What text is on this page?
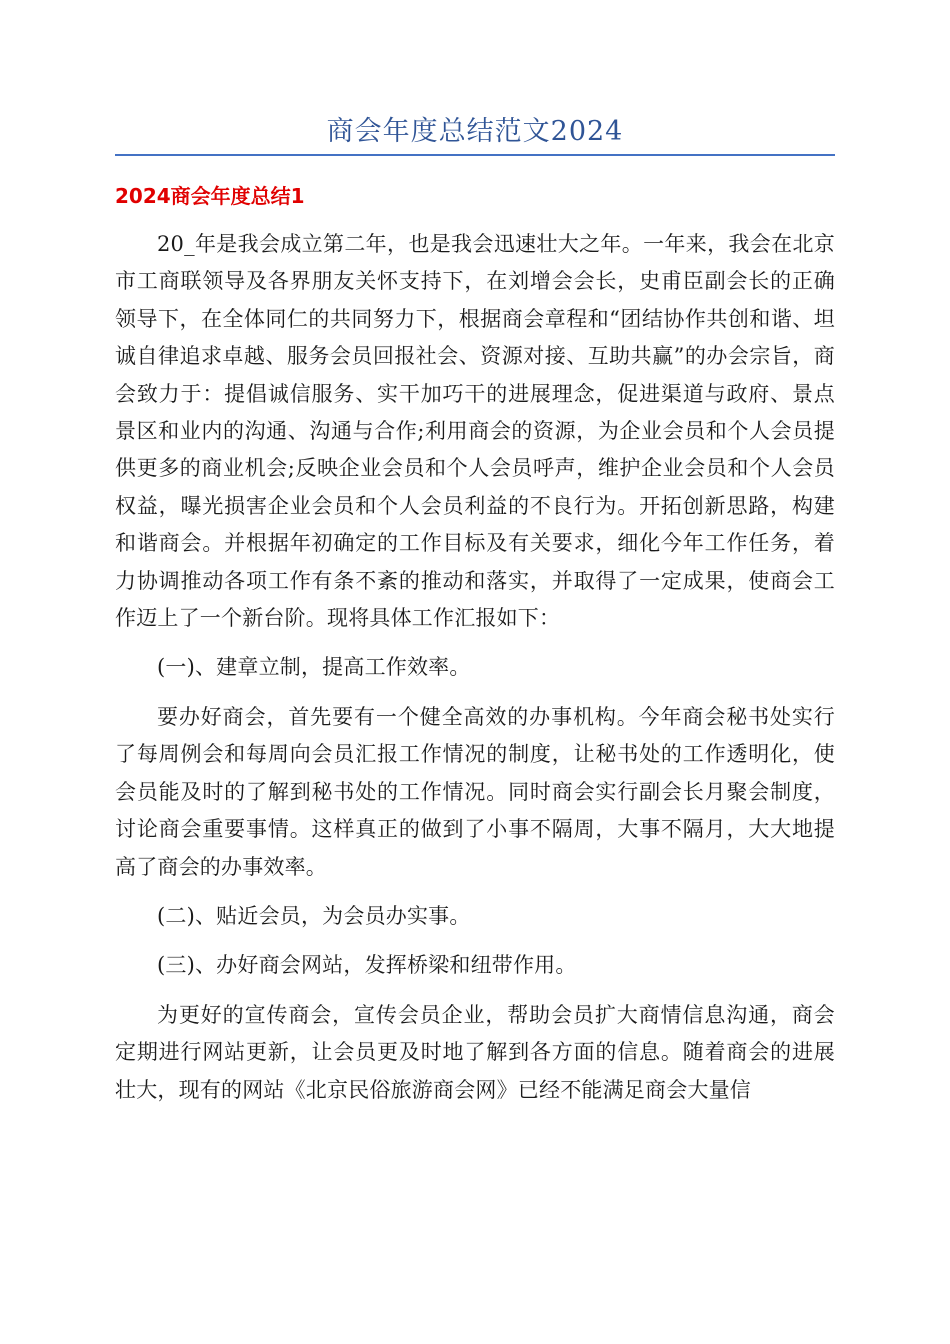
商会年度总结范文2024
2024商会年度总结1

20_年是我会成立第二年，也是我会迅速壮大之年。一年来，我会在北京市工商联领导及各界朋友关怀支持下，在刘增会会长，史甫臣副会长的正确领导下，在全体同仁的共同努力下，根据商会章程和“团结协作共创和谐、坦诚自律追求卓越、服务会员回报社会、资源对接、互助共赢”的办会宗旨，商会致力于：提倡诚信服务、实干加巧干的进展理念，促进渠道与政府、景点景区和业内的沟通、沟通与合作;利用商会的资源，为企业会员和个人会员提供更多的商业机会;反映企业会员和个人会员呼声，维护企业会员和个人会员权益，曝光损害企业会员和个人会员利益的不良行为。开拓创新思路，构建和谐商会。并根据年初确定的工作目标及有关要求，细化今年工作任务，着力协调推动各项工作有条不紊的推动和落实，并取得了一定成果，使商会工作迈上了一个新台阶。现将具体工作汇报如下：

(一)、建章立制，提高工作效率。

要办好商会，首先要有一个健全高效的办事机构。今年商会秘书处实行了每周例会和每周向会员汇报工作情况的制度，让秘书处的工作透明化，使会员能及时的了解到秘书处的工作情况。同时商会实行副会长月聚会制度，讨论商会重要事情。这样真正的做到了小事不隔周，大事不隔月，大大地提高了商会的办事效率。

(二)、贴近会员，为会员办实事。

(三)、办好商会网站，发挥桥梁和纽带作用。

为更好的宣传商会，宣传会员企业，帮助会员扩大商情信息沟通，商会定期进行网站更新，让会员更及时地了解到各方面的信息。随着商会的进展壮大，现有的网站《北京民俗旅游商会网》已经不能满足商会大量信
